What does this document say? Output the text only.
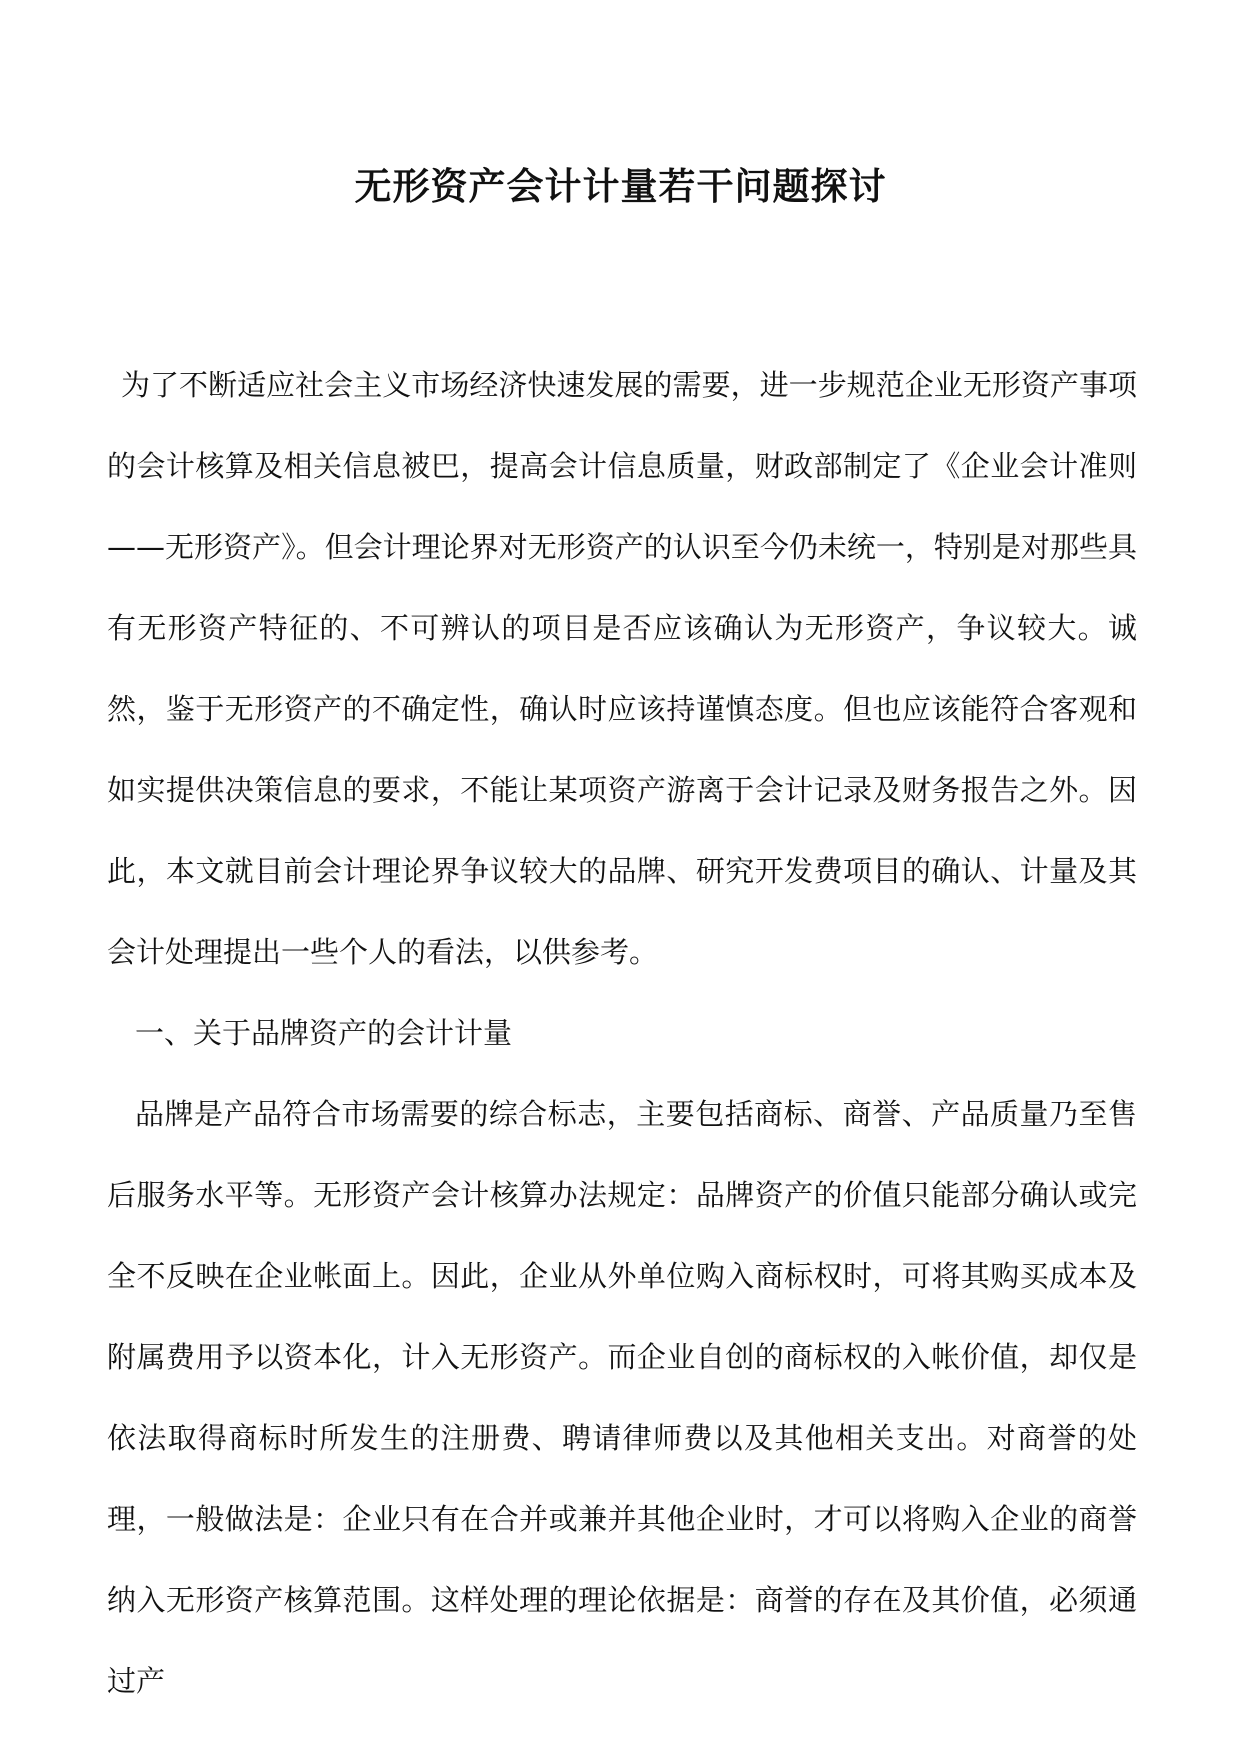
无形资产会计计量若干问题探讨

为了不断适应社会主义市场经济快速发展的需要，进一步规范企业无形资产事项的会计核算及相关信息被巴，提高会计信息质量，财政部制定了《企业会计准则——无形资产》。但会计理论界对无形资产的认识至今仍未统一，特别是对那些具有无形资产特征的、不可辨认的项目是否应该确认为无形资产，争议较大。诚然，鉴于无形资产的不确定性，确认时应该持谨慎态度。但也应该能符合客观和如实提供决策信息的要求，不能让某项资产游离于会计记录及财务报告之外。因此，本文就目前会计理论界争议较大的品牌、研究开发费项目的确认、计量及其会计处理提出一些个人的看法，以供参考。

一、关于品牌资产的会计计量

品牌是产品符合市场需要的综合标志，主要包括商标、商誉、产品质量乃至售后服务水平等。无形资产会计核算办法规定：品牌资产的价值只能部分确认或完全不反映在企业帐面上。因此，企业从外单位购入商标权时，可将其购买成本及附属费用予以资本化，计入无形资产。而企业自创的商标权的入帐价值，却仅是依法取得商标时所发生的注册费、聘请律师费以及其他相关支出。对商誉的处理，一般做法是：企业只有在合并或兼并其他企业时，才可以将购入企业的商誉纳入无形资产核算范围。这样处理的理论依据是：商誉的存在及其价值，必须通过产
